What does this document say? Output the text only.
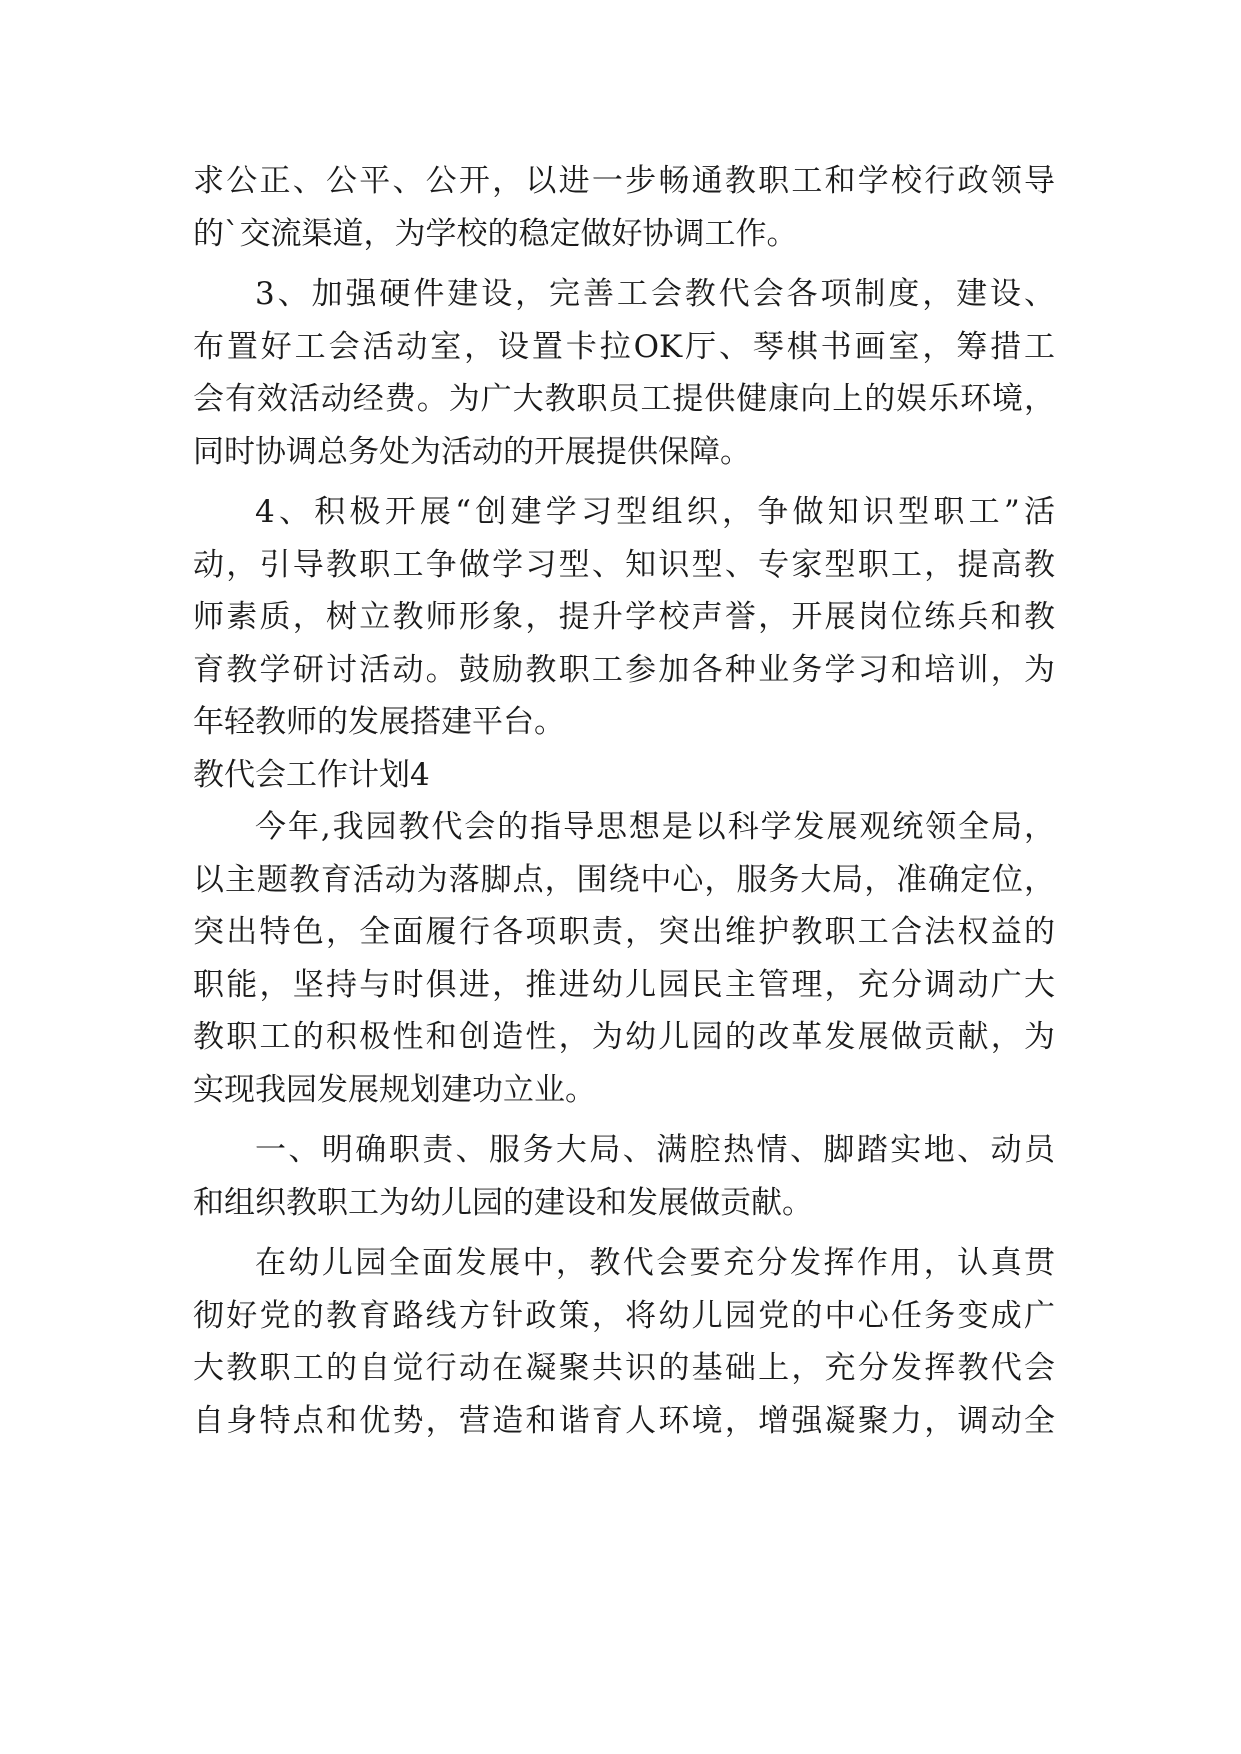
求公正、公平、公开，以进一步畅通教职工和学校行政领导

的`交流渠道，为学校的稳定做好协调工作。

3、加强硬件建设，完善工会教代会各项制度，建设、

布置好工会活动室，设置卡拉OK厅、琴棋书画室，筹措工

会有效活动经费。为广大教职员工提供健康向上的娱乐环境，

同时协调总务处为活动的开展提供保障。

4、积极开展“创建学习型组织，争做知识型职工”活

动，引导教职工争做学习型、知识型、专家型职工，提高教

师素质，树立教师形象，提升学校声誉，开展岗位练兵和教

育教学研讨活动。鼓励教职工参加各种业务学习和培训，为

年轻教师的发展搭建平台。

教代会工作计划4

今年,我园教代会的指导思想是以科学发展观统领全局，

以主题教育活动为落脚点，围绕中心，服务大局，准确定位，

突出特色，全面履行各项职责，突出维护教职工合法权益的

职能，坚持与时俱进，推进幼儿园民主管理，充分调动广大

教职工的积极性和创造性，为幼儿园的改革发展做贡献，为

实现我园发展规划建功立业。

一、明确职责、服务大局、满腔热情、脚踏实地、动员

和组织教职工为幼儿园的建设和发展做贡献。

在幼儿园全面发展中，教代会要充分发挥作用，认真贯

彻好党的教育路线方针政策，将幼儿园党的中心任务变成广

大教职工的自觉行动在凝聚共识的基础上，充分发挥教代会

自身特点和优势，营造和谐育人环境，增强凝聚力，调动全
